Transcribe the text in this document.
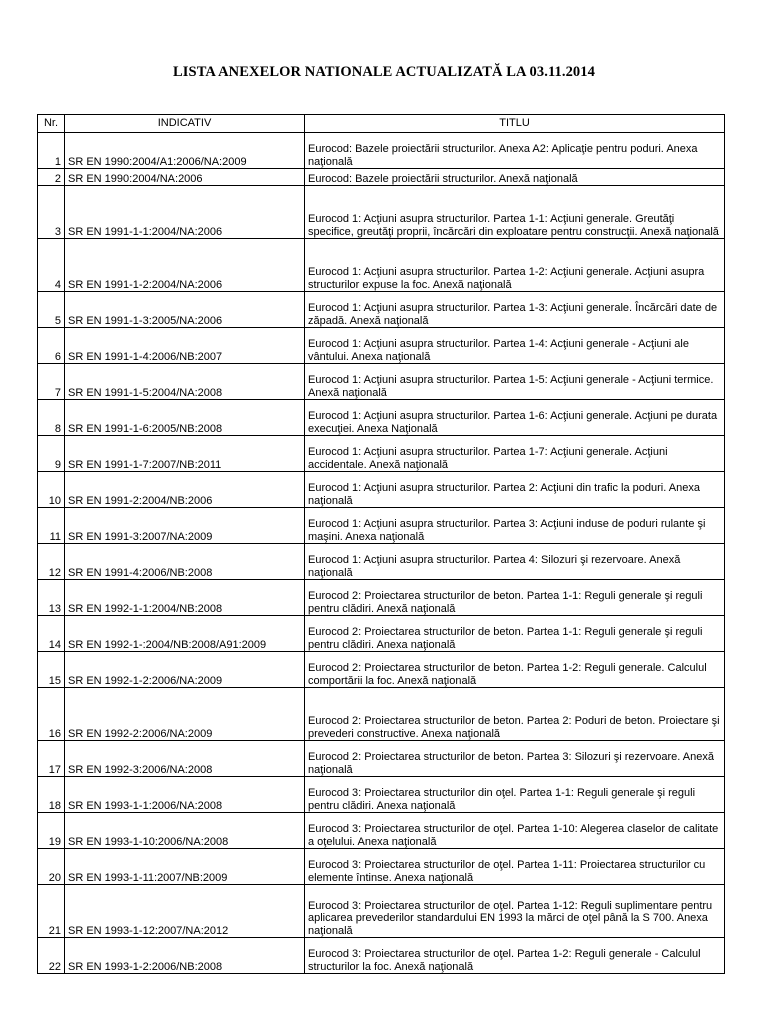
LISTA ANEXELOR NATIONALE ACTUALIZATĂ LA 03.11.2014
Nr.	INDICATIV	TITLU
1	SR EN 1990:2004/A1:2006/NA:2009	Eurocod: Bazele proiectării structurilor. Anexa A2: Aplicaţie pentru poduri. Anexa naţională
2	SR EN 1990:2004/NA:2006	Eurocod: Bazele proiectării structurilor. Anexă naţională
3	SR EN 1991-1-1:2004/NA:2006	Eurocod 1: Acţiuni asupra structurilor. Partea 1-1: Acţiuni generale. Greutăţi specifice, greutăţi proprii, încărcări din exploatare pentru construcţii. Anexă naţională
4	SR EN 1991-1-2:2004/NA:2006	Eurocod 1: Acţiuni asupra structurilor. Partea 1-2: Acţiuni generale. Acţiuni asupra structurilor expuse la foc. Anexă naţională
5	SR EN 1991-1-3:2005/NA:2006	Eurocod 1: Acţiuni asupra structurilor. Partea 1-3: Acţiuni generale. Încărcări date de zăpadă. Anexă naţională
6	SR EN 1991-1-4:2006/NB:2007	Eurocod 1: Acţiuni asupra structurilor. Partea 1-4: Acţiuni generale - Acţiuni ale vântului. Anexa naţională
7	SR EN 1991-1-5:2004/NA:2008	Eurocod 1: Acţiuni asupra structurilor. Partea 1-5: Acţiuni generale - Acţiuni termice. Anexă naţională
8	SR EN 1991-1-6:2005/NB:2008	Eurocod 1: Acţiuni asupra structurilor. Partea 1-6: Acţiuni generale. Acţiuni pe durata execuţiei. Anexa Naţională
9	SR EN 1991-1-7:2007/NB:2011	Eurocod 1: Acţiuni asupra structurilor. Partea 1-7: Acţiuni generale. Acţiuni accidentale. Anexă naţională
10	SR EN 1991-2:2004/NB:2006	Eurocod 1: Acţiuni asupra structurilor. Partea 2: Acţiuni din trafic la poduri. Anexa naţională
11	SR EN 1991-3:2007/NA:2009	Eurocod 1: Acţiuni asupra structurilor. Partea 3: Acţiuni induse de poduri rulante şi maşini. Anexa naţională
12	SR EN 1991-4:2006/NB:2008	Eurocod 1: Acţiuni asupra structurilor. Partea 4: Silozuri şi rezervoare. Anexă naţională
13	SR EN 1992-1-1:2004/NB:2008	Eurocod 2: Proiectarea structurilor de beton. Partea 1-1: Reguli generale şi reguli pentru clădiri. Anexă naţională
14	SR EN 1992-1-:2004/NB:2008/A91:2009	Eurocod 2: Proiectarea structurilor de beton. Partea 1-1: Reguli generale şi reguli pentru clădiri. Anexa naţională
15	SR EN 1992-1-2:2006/NA:2009	Eurocod 2: Proiectarea structurilor de beton. Partea 1-2: Reguli generale. Calculul comportării la foc. Anexă naţională
16	SR EN 1992-2:2006/NA:2009	Eurocod 2: Proiectarea structurilor de beton. Partea 2: Poduri de beton. Proiectare şi prevederi constructive. Anexa naţională
17	SR EN 1992-3:2006/NA:2008	Eurocod 2: Proiectarea structurilor de beton. Partea 3: Silozuri şi rezervoare. Anexă naţională
18	SR EN 1993-1-1:2006/NA:2008	Eurocod 3: Proiectarea structurilor din oţel. Partea 1-1: Reguli generale şi reguli pentru clădiri. Anexa naţională
19	SR EN 1993-1-10:2006/NA:2008	Eurocod 3: Proiectarea structurilor de oţel. Partea 1-10: Alegerea claselor de calitate a oţelului. Anexa naţională
20	SR EN 1993-1-11:2007/NB:2009	Eurocod 3: Proiectarea structurilor de oţel. Partea 1-11: Proiectarea structurilor cu elemente întinse. Anexa naţională
21	SR EN 1993-1-12:2007/NA:2012	Eurocod 3: Proiectarea structurilor de oţel. Partea 1-12: Reguli suplimentare pentru aplicarea prevederilor standardului EN 1993 la mărci de oţel până la S 700. Anexa naţională
22	SR EN 1993-1-2:2006/NB:2008	Eurocod 3: Proiectarea structurilor de oţel. Partea 1-2: Reguli generale - Calculul structurilor la foc. Anexă naţională
